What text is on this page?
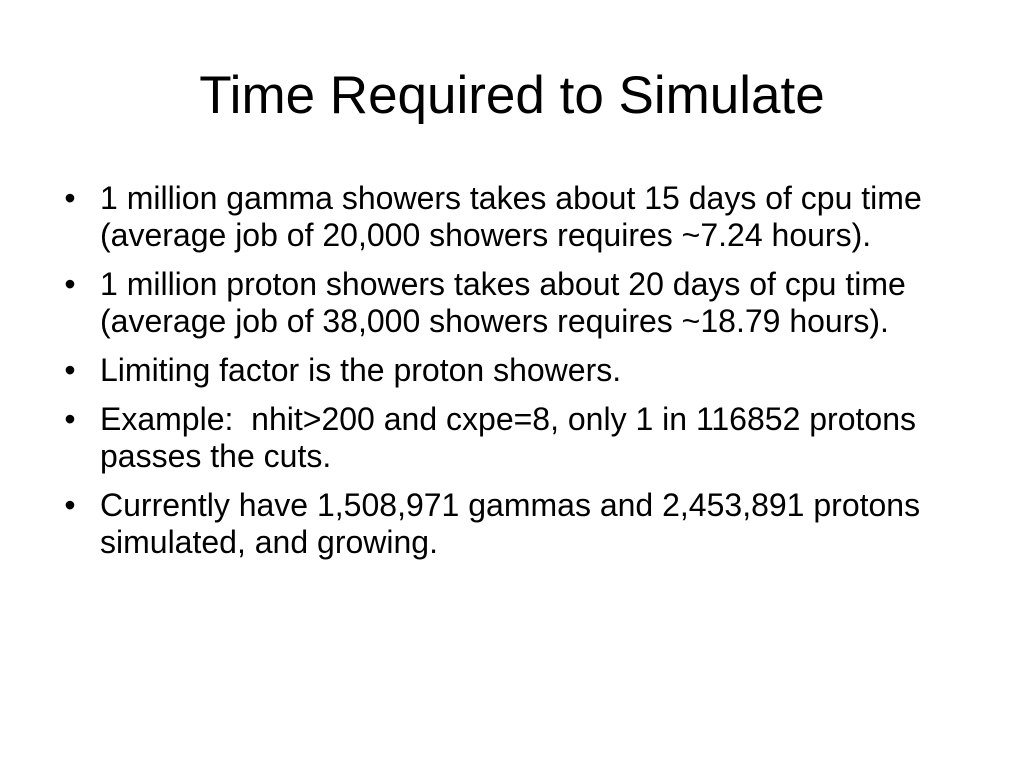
Time Required to Simulate
• 1 million gamma showers takes about 15 days of cpu time (average job of 20,000 showers requires ~7.24 hours).
• 1 million proton showers takes about 20 days of cpu time (average job of 38,000 showers requires ~18.79 hours).
• Limiting factor is the proton showers.
• Example:  nhit>200 and cxpe=8, only 1 in 116852 protons passes the cuts.
• Currently have 1,508,971 gammas and 2,453,891 protons simulated, and growing.
